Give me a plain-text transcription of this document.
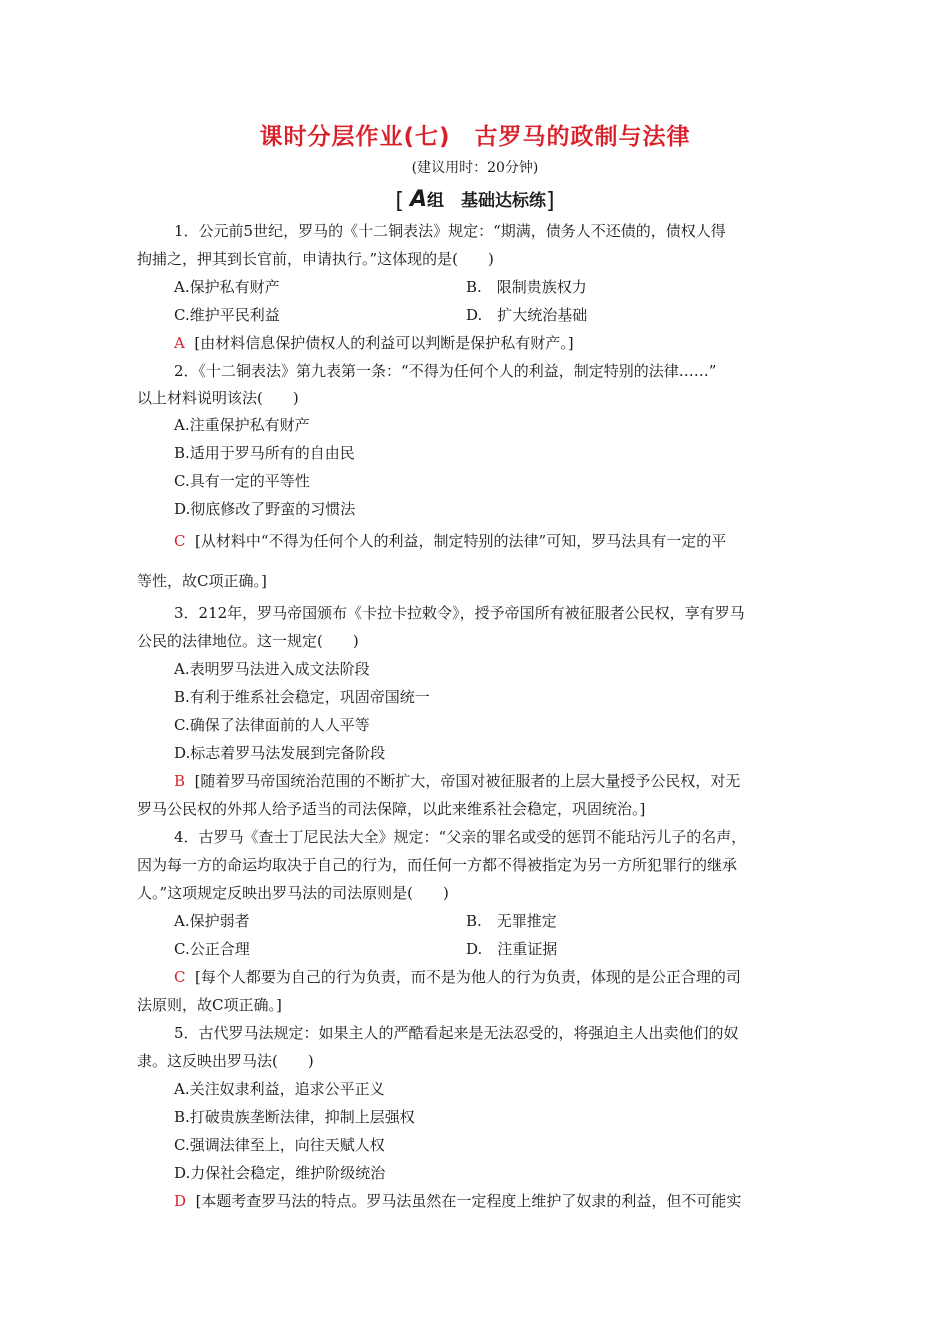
课时分层作业(七)　古罗马的政制与法律
(建议用时：20分钟)
[ A组　基础达标练]
1．公元前5世纪，罗马的《十二铜表法》规定：“期满，债务人不还债的，债权人得
拘捕之，押其到长官前，申请执行。”这体现的是(　　)
A.保护私有财产	B.　限制贵族权力
C.维护平民利益	D.　扩大统治基础
A [由材料信息保护债权人的利益可以判断是保护私有财产。]
2．《十二铜表法》第九表第一条：“不得为任何个人的利益，制定特别的法律……”
以上材料说明该法(　　)
A.注重保护私有财产
B.适用于罗马所有的自由民
C.具有一定的平等性
D.彻底修改了野蛮的习惯法
C [从材料中“不得为任何个人的利益，制定特别的法律”可知，罗马法具有一定的平
等性，故C项正确。]
3．212年，罗马帝国颁布《卡拉卡拉敕令》，授予帝国所有被征服者公民权，享有罗马
公民的法律地位。这一规定(　　)
A.表明罗马法进入成文法阶段
B.有利于维系社会稳定，巩固帝国统一
C.确保了法律面前的人人平等
D.标志着罗马法发展到完备阶段
B [随着罗马帝国统治范围的不断扩大，帝国对被征服者的上层大量授予公民权，对无
罗马公民权的外邦人给予适当的司法保障，以此来维系社会稳定，巩固统治。]
4．古罗马《查士丁尼民法大全》规定：“父亲的罪名或受的惩罚不能玷污儿子的名声，
因为每一方的命运均取决于自己的行为，而任何一方都不得被指定为另一方所犯罪行的继承
人。”这项规定反映出罗马法的司法原则是(　　)
A.保护弱者	B.　无罪推定
C.公正合理	D.　注重证据
C [每个人都要为自己的行为负责，而不是为他人的行为负责，体现的是公正合理的司
法原则，故C项正确。]
5．古代罗马法规定：如果主人的严酷看起来是无法忍受的，将强迫主人出卖他们的奴
隶。这反映出罗马法(　　)
A.关注奴隶利益，追求公平正义
B.打破贵族垄断法律，抑制上层强权
C.强调法律至上，向往天赋人权
D.力保社会稳定，维护阶级统治
D [本题考查罗马法的特点。罗马法虽然在一定程度上维护了奴隶的利益，但不可能实
